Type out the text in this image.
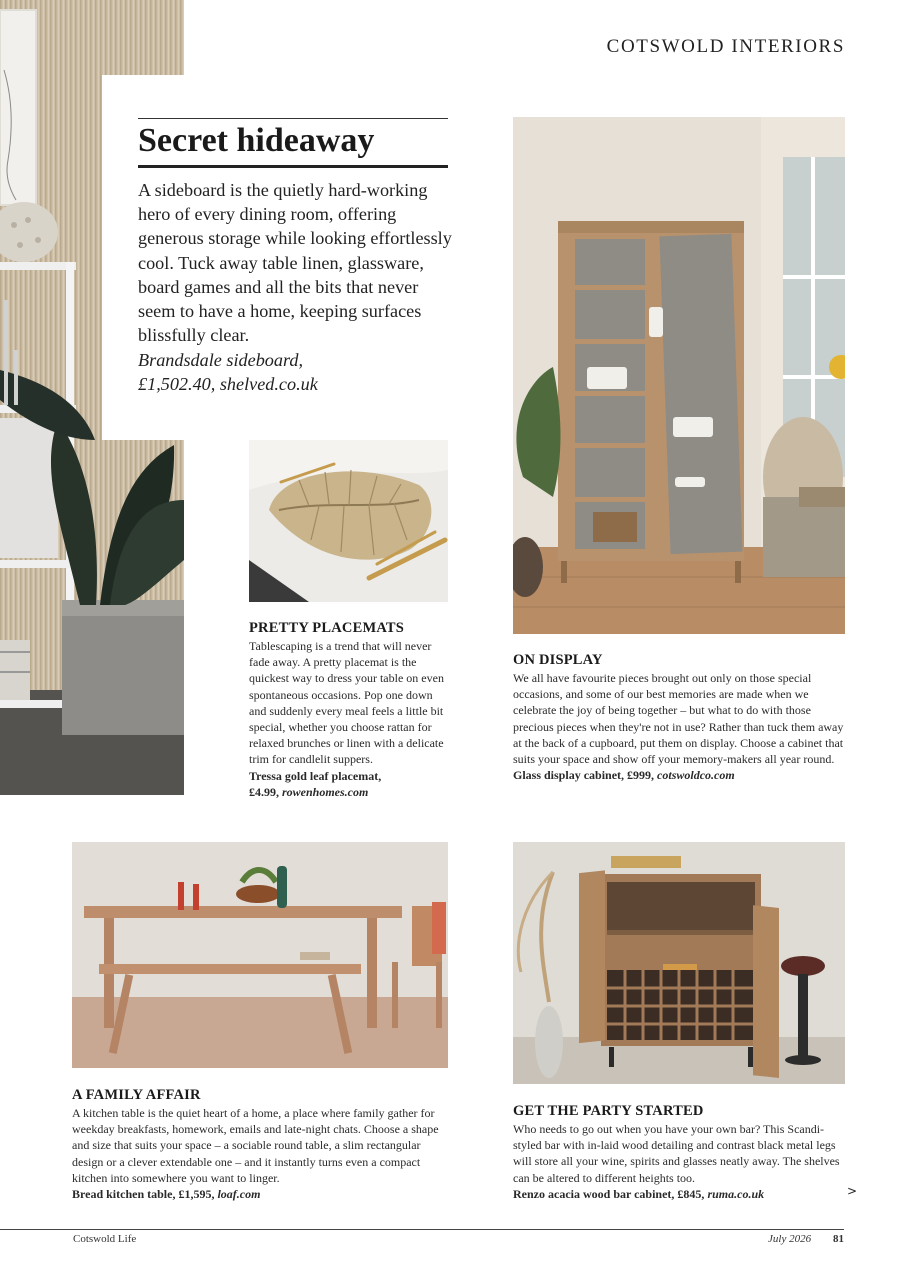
COTSWOLD INTERIORS
Secret hideaway

A sideboard is the quietly hard-working hero of every dining room, offering generous storage while looking effortlessly cool. Tuck away table linen, glassware, board games and all the bits that never seem to have a home, keeping surfaces blissfully clear.

Brandsdale sideboard,
£1,502.40, shelved.co.uk

PRETTY PLACEMATS

Tablescaping is a trend that will never fade away. A pretty placemat is the quickest way to dress your table on even spontaneous occasions. Pop one down and suddenly every meal feels a little bit special, whether you choose rattan for relaxed brunches or linen with a delicate trim for candlelit suppers.

Tressa gold leaf placemat,
£4.99, rowenhomes.com

ON DISPLAY

We all have favourite pieces brought out only on those special occasions, and some of our best memories are made when we celebrate the joy of being together – but what to do with those precious pieces when they're not in use? Rather than tuck them away at the back of a cupboard, put them on display. Choose a cabinet that suits your space and show off your memory-makers all year round.

Glass display cabinet, £999, cotswoldco.com

A FAMILY AFFAIR

A kitchen table is the quiet heart of a home, a place where family gather for weekday breakfasts, homework, emails and late-night chats. Choose a shape and size that suits your space – a sociable round table, a slim rectangular design or a clever extendable one – and it instantly turns even a compact kitchen into somewhere you want to linger.

Bread kitchen table, £1,595, loaf.com

GET THE PARTY STARTED

Who needs to go out when you have your own bar? This Scandi-styled bar with in-laid wood detailing and contrast black metal legs will store all your wine, spirits and glasses neatly away. The shelves can be altered to different heights too.

Renzo acacia wood bar cabinet, £845, ruma.co.uk	>
Cotswold Life	July 2026 81
